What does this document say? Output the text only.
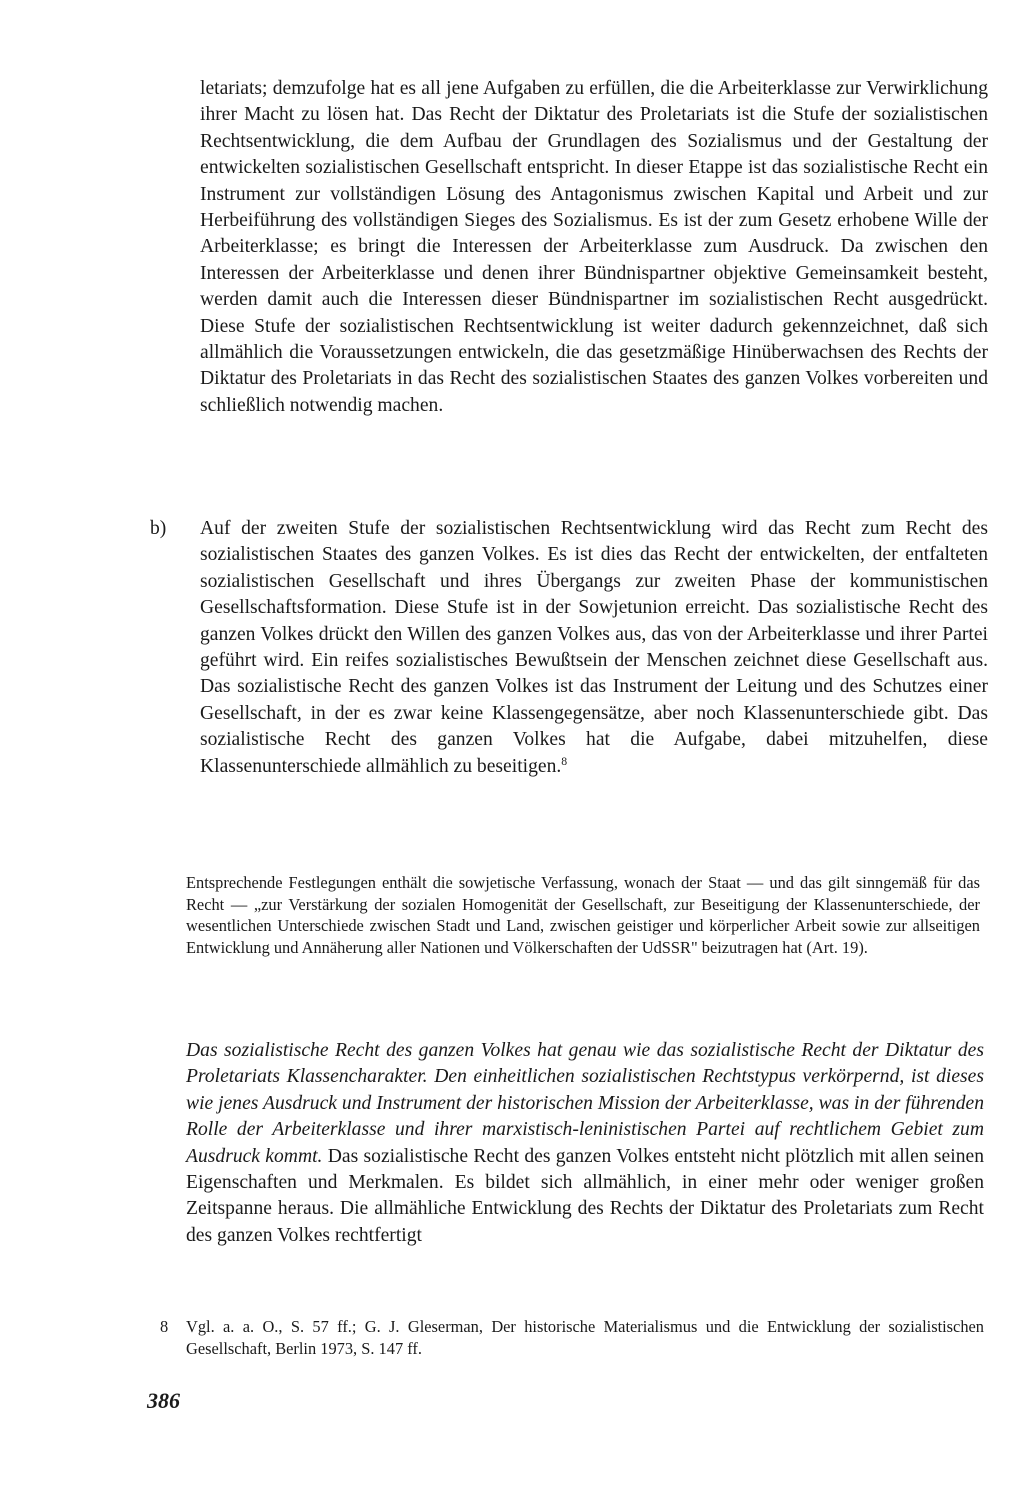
letariats; demzufolge hat es all jene Aufgaben zu erfüllen, die die Arbeiterklasse zur Verwirklichung ihrer Macht zu lösen hat. Das Recht der Diktatur des Proletariats ist die Stufe der sozialistischen Rechtsentwicklung, die dem Aufbau der Grundlagen des Sozialismus und der Gestaltung der entwickelten sozialistischen Gesellschaft entspricht. In dieser Etappe ist das sozialistische Recht ein Instrument zur vollständigen Lösung des Antagonismus zwischen Kapital und Arbeit und zur Herbeiführung des vollständigen Sieges des Sozialismus. Es ist der zum Gesetz erhobene Wille der Arbeiterklasse; es bringt die Interessen der Arbeiterklasse zum Ausdruck. Da zwischen den Interessen der Arbeiterklasse und denen ihrer Bündnispartner objektive Gemeinsamkeit besteht, werden damit auch die Interessen dieser Bündnispartner im sozialistischen Recht ausgedrückt. Diese Stufe der sozialistischen Rechtsentwicklung ist weiter dadurch gekennzeichnet, daß sich allmählich die Voraussetzungen entwickeln, die das gesetzmäßige Hinüberwachsen des Rechts der Diktatur des Proletariats in das Recht des sozialistischen Staates des ganzen Volkes vorbereiten und schließlich notwendig machen.

b) Auf der zweiten Stufe der sozialistischen Rechtsentwicklung wird das Recht zum Recht des sozialistischen Staates des ganzen Volkes. Es ist dies das Recht der entwickelten, der entfalteten sozialistischen Gesellschaft und ihres Übergangs zur zweiten Phase der kommunistischen Gesellschaftsformation. Diese Stufe ist in der Sowjetunion erreicht. Das sozialistische Recht des ganzen Volkes drückt den Willen des ganzen Volkes aus, das von der Arbeiterklasse und ihrer Partei geführt wird. Ein reifes sozialistisches Bewußtsein der Menschen zeichnet diese Gesellschaft aus. Das sozialistische Recht des ganzen Volkes ist das Instrument der Leitung und des Schutzes einer Gesellschaft, in der es zwar keine Klassengegensätze, aber noch Klassenunterschiede gibt. Das sozialistische Recht des ganzen Volkes hat die Aufgabe, dabei mitzuhelfen, diese Klassenunterschiede allmählich zu beseitigen.$^8$

Entsprechende Festlegungen enthält die sowjetische Verfassung, wonach der Staat — und das gilt sinngemäß für das Recht — „zur Verstärkung der sozialen Homogenität der Gesellschaft, zur Beseitigung der Klassenunterschiede, der wesentlichen Unterschiede zwischen Stadt und Land, zwischen geistiger und körperlicher Arbeit sowie zur allseitigen Entwicklung und Annäherung aller Nationen und Völkerschaften der UdSSR" beizutragen hat (Art. 19).

Das sozialistische Recht des ganzen Volkes hat genau wie das sozialistische Recht der Diktatur des Proletariats Klassencharakter. Den einheitlichen sozialistischen Rechtstypus verkörpernd, ist dieses wie jenes Ausdruck und Instrument der historischen Mission der Arbeiterklasse, was in der führenden Rolle der Arbeiterklasse und ihrer marxistisch-leninistischen Partei auf rechtlichem Gebiet zum Ausdruck kommt. Das sozialistische Recht des ganzen Volkes entsteht nicht plötzlich mit allen seinen Eigenschaften und Merkmalen. Es bildet sich allmählich, in einer mehr oder weniger großen Zeitspanne heraus. Die allmähliche Entwicklung des Rechts der Diktatur des Proletariats zum Recht des ganzen Volkes rechtfertigt

8 Vgl. a. a. O., S. 57 ff.; G. J. Gleserman, Der historische Materialismus und die Entwicklung der sozialistischen Gesellschaft, Berlin 1973, S. 147 ff.
386
